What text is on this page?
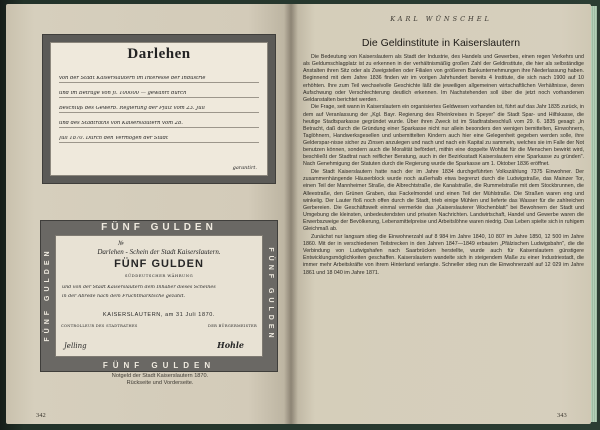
Darlehen
von der Stadt Kaiserslautern im Interesse der Industrie
und im Betrage von fl. 100000 — gewährt durch
Beschluß des Gewerb. Regierung der Pfalz vom 23. Juli
und des Stadtraths von Kaiserslautern vom 28.
Juli 1870. Durch den Vermögen der Stadt
garantirt.
FÜNF GULDEN
FÜNF GULDEN	FÜNF GULDEN
FÜNF GULDEN
№
Darlehen - Schein der Stadt Kaiserslautern.
FÜNF GULDEN
SÜDDEUTSCHER WÄHRUNG
und von der Stadt Kaiserslautern dem Inhaber dieses Scheines
in der Abrede nach dem Fruchtmarktsche gezahlt.
KAISERSLAUTERN, am 31 Juli 1870.
CONTROLLEUR DES STADTRATHES	DER BÜRGERMEISTER
Jelling	Hohle
Notgeld der Stadt Kaiserslautern 1870.
Rückseite und Vorderseite.
342
KARL WÜNSCHEL
Die Geldinstitute in Kaiserslautern

Die Bedeutung von Kaiserslautern als Stadt der Industrie, des Handels und Gewerbes, einen regen Verkehrs und als Geldumschlagplatz ist zu erkennen in der verhältnismäßig großen Zahl der Geldinstitute, die hier als selbständige Anstalten ihren Sitz oder als Zweigstellen oder Filialen von größeren Bankunternehmungen ihre Niederlassung haben. Beginnend mit dem Jahre 1836 finden wir im vorigen Jahrhundert bereits 4 Institute, die sich nach 1900 auf 10 erhöhten. Ihre zum Teil wechselvolle Geschichte läßt die jeweiligen allgemeinen wirtschaftlichen Verhältnisse, deren Aufschwung oder Verschlechterung deutlich erkennen. Im Nachstehenden soll über die jetzt noch vorhandenen Geldanstalten berichtet werden.

Die Frage, seit wann in Kaiserslautern ein organisiertes Geldwesen vorhanden ist, führt auf das Jahr 1835 zurück, in dem auf Veranlassung der „Kgl. Bayr. Regierung des Rheinkreises in Speyer" die Stadt Spar- und Hilfskasse, die heutige Stadtsparkasse gegründet wurde. Über ihren Zweck ist im Stadtratsbeschluß vom 29. 6. 1835 gesagt: „In Betracht, daß durch die Gründung einer Sparkasse nicht nur allein besonders den wenigen bemittelten, Einwohnern, Taglöhnern, Handwerksgesellen und unbemittelten Kindern auch hier eine Gelegenheit gegeben werden solle, ihre Gelderspar-nisse sicher zu Zinsen anzulegen und nach und nach ein Kapital zu sammeln, welches sie im Falle der Not benutzen können, sondern auch die Moralität befördert, mithin eine doppelte Wohltat für die Menschen bewirkt wird, beschließt der Stadtrat nach reiflicher Beratung, auch in der Bezirksstadt Kaiserslautern eine Sparkasse zu gründen". Nach Genehmigung der Statuten durch die Regierung wurde die Sparkasse am 1. Oktober 1836 eröffnet.

Die Stadt Kaiserslautern hatte nach der im Jahre 1834 durchgeführten Volkszählung 7375 Einwohner. Der zusammenhängende Häuserblock wurde noch außerhalb etwa begrenzt durch die Ludwigstraße, das Mainzer Tor, einen Teil der Mannheimer Straße, die Albrechtstraße, die Kanalstraße, die Rummelstraße mit dem Stockbrunnen, die Alleestraße, den Grünen Graben, das Fackelmondel und einen Teil der Mühlstraße. Die Straßen waren eng und winkelig. Der Lauter floß noch offen durch die Stadt, trieb einige Mühlen und lieferte das Wasser für die zahlreichen Gerbereien. Die Geschäftswelt einmal vermerkte das „Kaiserslauterer Wochenblatt" bei Bewohnern der Stadt und Umgebung die kleinsten, unbedeutendsten und privaten Nachrichten. Landwirtschaft, Handel und Gewerbe waren die Erwerbszweige der Bevölkerung, Lebensmittelpreise und Arbeitslöhne waren niedrig. Das Leben spielte sich in ruhigem Gleichmaß ab.

Zunächst nur langsam stieg die Einwohnerzahl auf 8 984 im Jahre 1840, 10 807 im Jahre 1850, 12 500 im Jahre 1860. Mit der in verschiedenen Teilstrecken in den Jahren 1847—1849 erbauten „Pfälzischen Ludwigsbahn", die die Verbindung von Ludwigshafen nach Saarbrücken herstellte, wurde auch für Kaiserslautern günstigere Entwicklungsmöglichkeiten geschaffen. Kaiserslautern wandelte sich in steigendem Maße zu einer Industriestadt, die immer mehr Arbeitskräfte von ihrem Hinterland verlangte. Schneller stieg nun die Einwohnerzahl auf 12 029 im Jahre 1861 und 18 040 im Jahre 1871.

343
